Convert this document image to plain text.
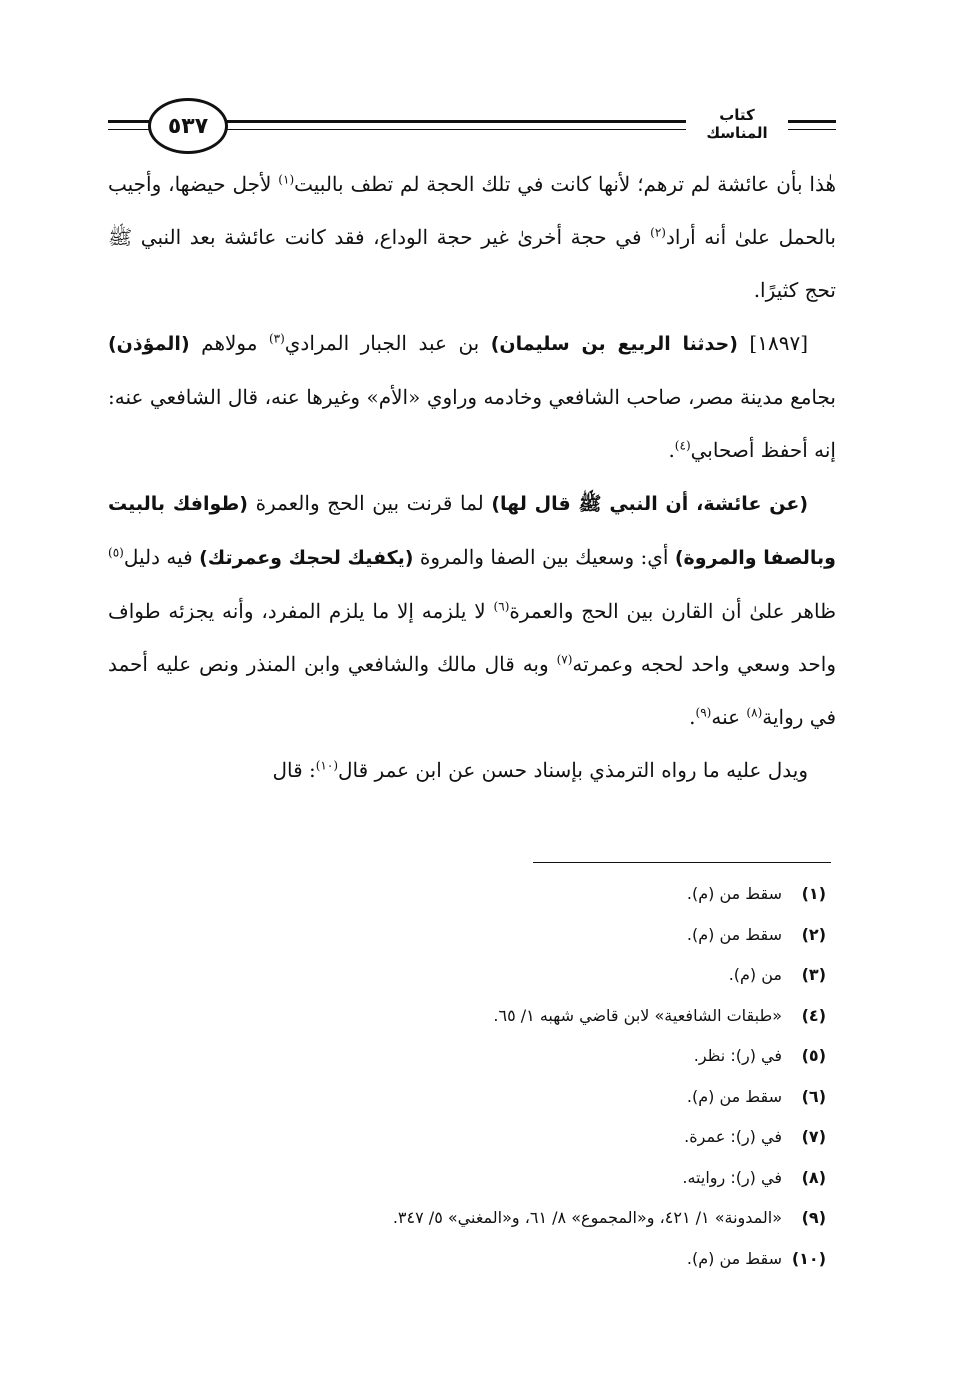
٥٣٧	كتاب المناسك

هٰذا بأن عائشة لم ترهم؛ لأنها كانت في تلك الحجة لم تطف بالبيت$^{(١)}$ لأجل حيضها، وأجيب بالحمل علىٰ أنه أراد$^{(٢)}$ في حجة أخرىٰ غير حجة الوداع، فقد كانت عائشة بعد النبي ﷺ تحج كثيرًا.

[١٨٩٧] (حدثنا الربيع بن سليمان) بن عبد الجبار المرادي$^{(٣)}$ مولاهم (المؤذن) بجامع مدينة مصر، صاحب الشافعي وخادمه وراوي «الأم» وغيرها عنه، قال الشافعي عنه: إنه أحفظ أصحابي$^{(٤)}$.

(عن عائشة، أن النبي ﷺ قال لها) لما قرنت بين الحج والعمرة (طوافك بالبيت وبالصفا والمروة) أي: وسعيك بين الصفا والمروة (يكفيك لحجك وعمرتك) فيه دليل$^{(٥)}$ ظاهر علىٰ أن القارن بين الحج والعمرة$^{(٦)}$ لا يلزمه إلا ما يلزم المفرد، وأنه يجزئه طواف واحد وسعي واحد لحجه وعمرته$^{(٧)}$ وبه قال مالك والشافعي وابن المنذر ونص عليه أحمد في رواية$^{(٨)}$ عنه$^{(٩)}$.

ويدل عليه ما رواه الترمذي بإسناد حسن عن ابن عمر قال$^{(١٠)}$: قال

(١)
سقط من (م).
(٢)
سقط من (م).
(٣)
من (م).
(٤)
«طبقات الشافعية» لابن قاضي شهبه ١/ ٦٥.
(٥)
في (ر): نظر.
(٦)
سقط من (م).
(٧)
في (ر): عمرة.
(٨)
في (ر): روايته.
(٩)
«المدونة» ١/ ٤٢١، و«المجموع» ٨/ ٦١، و«المغني» ٥/ ٣٤٧.
(١٠)
سقط من (م).
